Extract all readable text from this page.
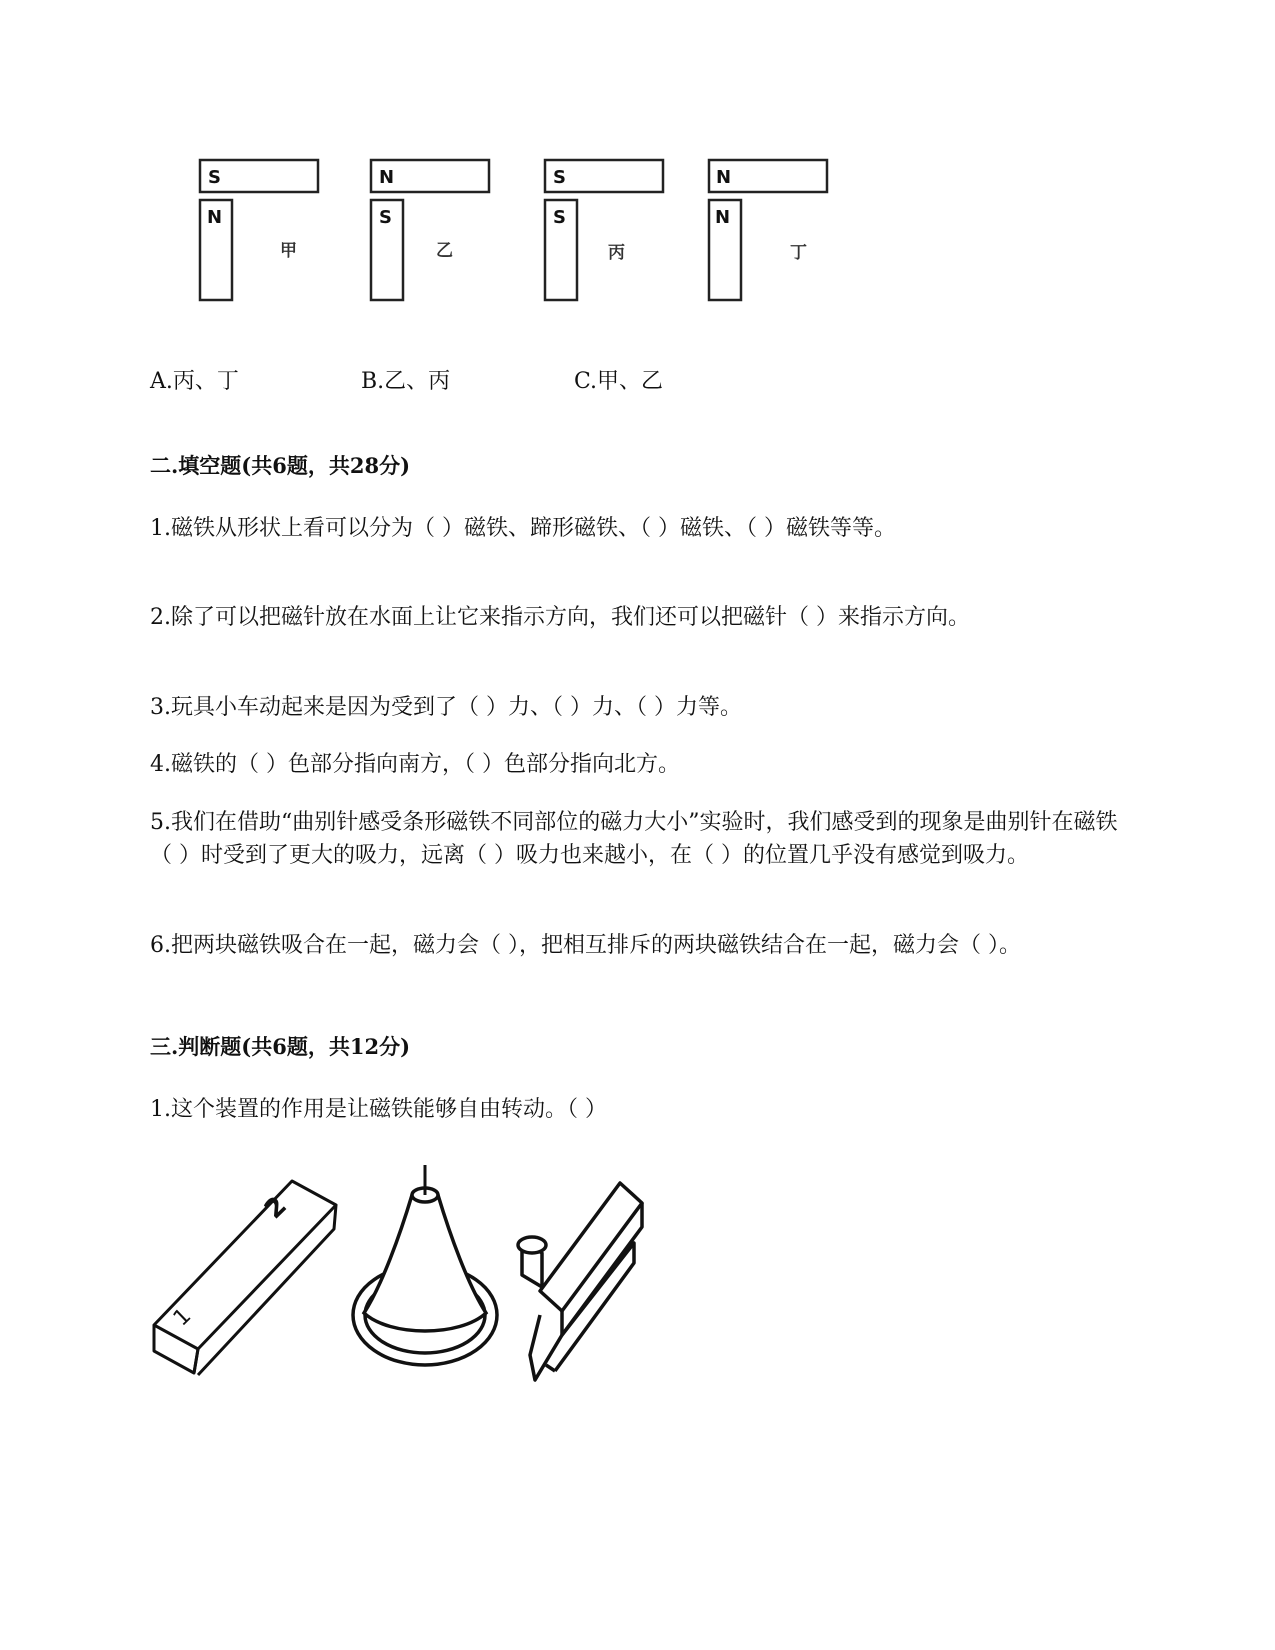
S
N
甲
N
S
乙
S
S
丙
N
N
丁
A.丙、丁	B.乙、丙	C.甲、乙
二.填空题(共6题，共28分)
1.磁铁从形状上看可以分为（ ）磁铁、蹄形磁铁、（ ）磁铁、（ ）磁铁等等。
2.除了可以把磁针放在水面上让它来指示方向，我们还可以把磁针（ ）来指示方向。
3.玩具小车动起来是因为受到了（ ）力、（ ）力、（ ）力等。
4.磁铁的（ ）色部分指向南方，（ ）色部分指向北方。
5.我们在借助“曲别针感受条形磁铁不同部位的磁力大小”实验时，我们感受到的现象是曲别针在磁铁（ ）时受到了更大的吸力，远离（ ）吸力也来越小，在（ ）的位置几乎没有感觉到吸力。
6.把两块磁铁吸合在一起，磁力会（ ），把相互排斥的两块磁铁结合在一起，磁力会（ ）。
三.判断题(共6题，共12分)
1.这个装置的作用是让磁铁能够自由转动。（ ）
2
1
